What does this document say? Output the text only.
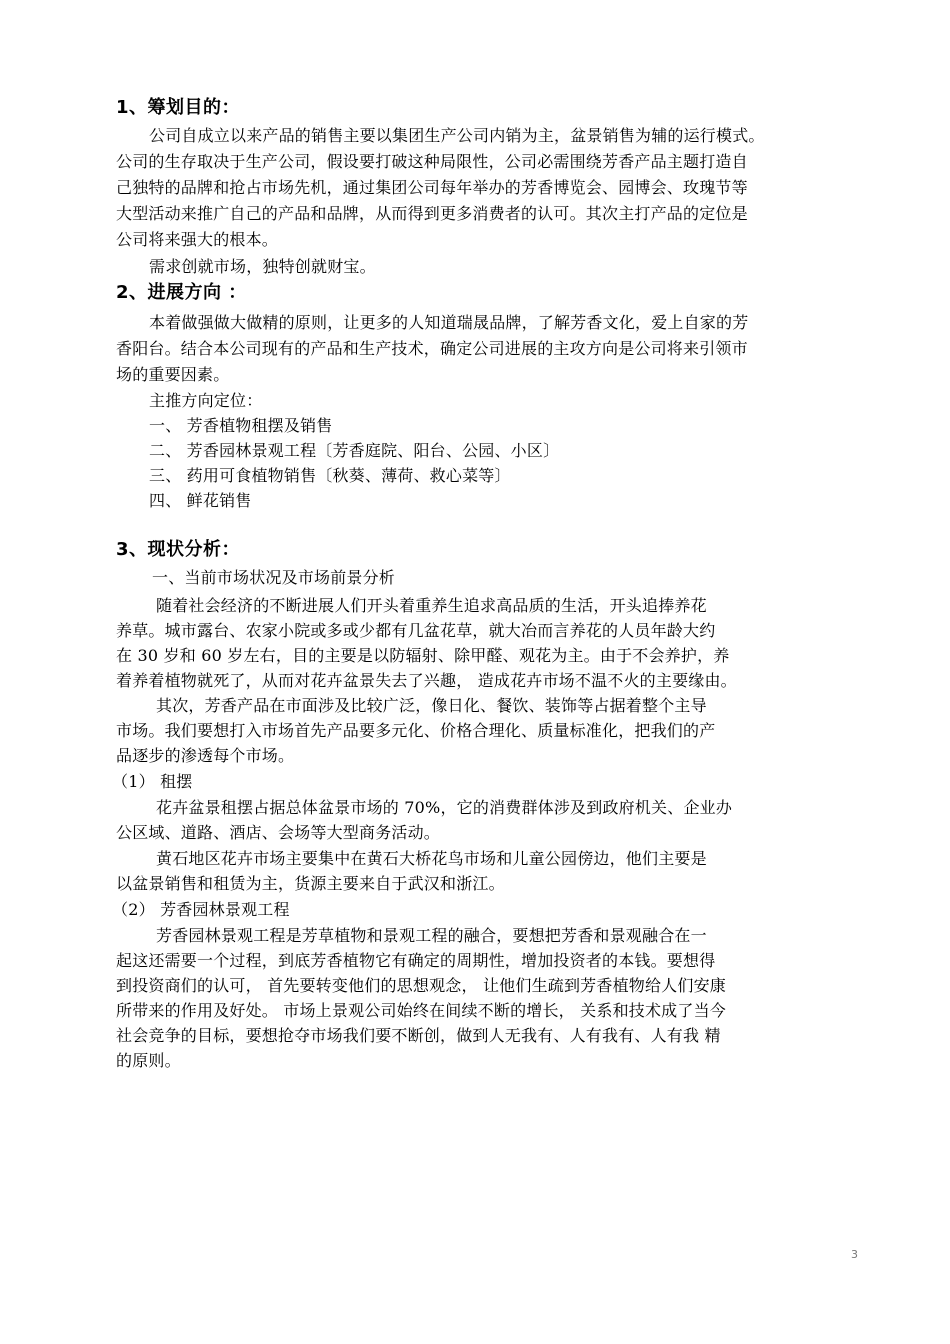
1、筹划目的：
公司自成立以来产品的销售主要以集团生产公司内销为主，盆景销售为辅的运行模式。
公司的生存取决于生产公司，假设要打破这种局限性，公司必需围绕芳香产品主题打造自
己独特的品牌和抢占市场先机，通过集团公司每年举办的芳香博览会、园博会、玫瑰节等
大型活动来推广自己的产品和品牌，从而得到更多消费者的认可。其次主打产品的定位是
公司将来强大的根本。
需求创就市场，独特创就财宝。
2、进展方向 ：
本着做强做大做精的原则，让更多的人知道瑞晟品牌，了解芳香文化，爱上自家的芳
香阳台。结合本公司现有的产品和生产技术，确定公司进展的主攻方向是公司将来引领市
场的重要因素。
主推方向定位：
一、 芳香植物租摆及销售
二、 芳香园林景观工程〔芳香庭院、阳台、公园、小区〕
三、 药用可食植物销售〔秋葵、薄荷、救心菜等〕
四、 鲜花销售
3、现状分析：
一、当前市场状况及市场前景分析
随着社会经济的不断进展人们开头着重养生追求高品质的生活，开头追捧养花
养草。城市露台、农家小院或多或少都有几盆花草，就大冶而言养花的人员年龄大约
在 30 岁和 60 岁左右，目的主要是以防辐射、除甲醛、观花为主。由于不会养护，养
着养着植物就死了，从而对花卉盆景失去了兴趣， 造成花卉市场不温不火的主要缘由。
其次，芳香产品在市面涉及比较广泛，像日化、餐饮、装饰等占据着整个主导
市场。我们要想打入市场首先产品要多元化、价格合理化、质量标准化，把我们的产
品逐步的渗透每个市场。
（1） 租摆
花卉盆景租摆占据总体盆景市场的 70%，它的消费群体涉及到政府机关、企业办
公区域、道路、酒店、会场等大型商务活动。
黄石地区花卉市场主要集中在黄石大桥花鸟市场和儿童公园傍边，他们主要是
以盆景销售和租赁为主，货源主要来自于武汉和浙江。
（2） 芳香园林景观工程
芳香园林景观工程是芳草植物和景观工程的融合，要想把芳香和景观融合在一
起这还需要一个过程，到底芳香植物它有确定的周期性，增加投资者的本钱。要想得
到投资商们的认可， 首先要转变他们的思想观念， 让他们生疏到芳香植物给人们安康
所带来的作用及好处。 市场上景观公司始终在间续不断的增长， 关系和技术成了当今
社会竞争的目标，要想抢夺市场我们要不断创，做到人无我有、人有我有、人有我 精
的原则。
3
